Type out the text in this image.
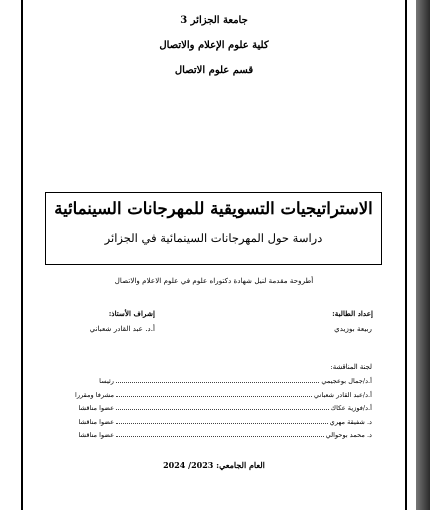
جامعة الجزائر 3
كلية علوم الإعلام والاتصال
قسم علوم الاتصال
الاستراتيجيات التسويقية للمهرجانات السينمائية
دراسة حول المهرجانات السينمائية في الجزائر
أطروحة مقدمة لنيل شهادة دكتوراه علوم في علوم الاعلام والاتصال
إعداد الطالبة:
ربيعة بوزيدي
إشراف الأستاذ:
أ.د. عبد القادر شعباني
لجنة المناقشة:
أ.د/جمال بوعجيمي
رئيسا
أ.د/عبد القادر شعباني
مشرفا ومقررا
أ.د/فوزية عكاك
عضوا مناقشا
د. شفيقة مهري
عضوا مناقشا
د. محمد بوحوالي
عضوا مناقشا
العام الجامعي: 2023/ 2024
